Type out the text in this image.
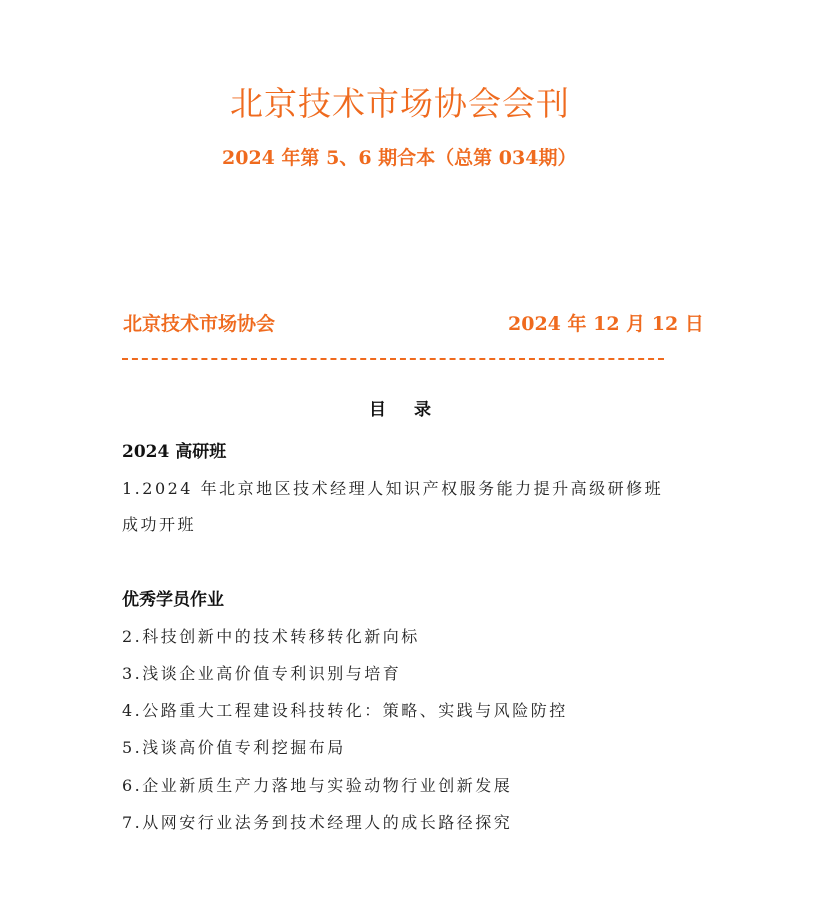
北京技术市场协会会刊
2024 年第 5、6 期合本（总第 034期）
北京技术市场协会	2024 年 12 月 12 日
目录
2024 高研班
1.2024 年北京地区技术经理人知识产权服务能力提升高级研修班
成功开班
优秀学员作业
2.科技创新中的技术转移转化新向标
3.浅谈企业高价值专利识别与培育
4.公路重大工程建设科技转化：策略、实践与风险防控
5.浅谈高价值专利挖掘布局
6.企业新质生产力落地与实验动物行业创新发展
7.从网安行业法务到技术经理人的成长路径探究
